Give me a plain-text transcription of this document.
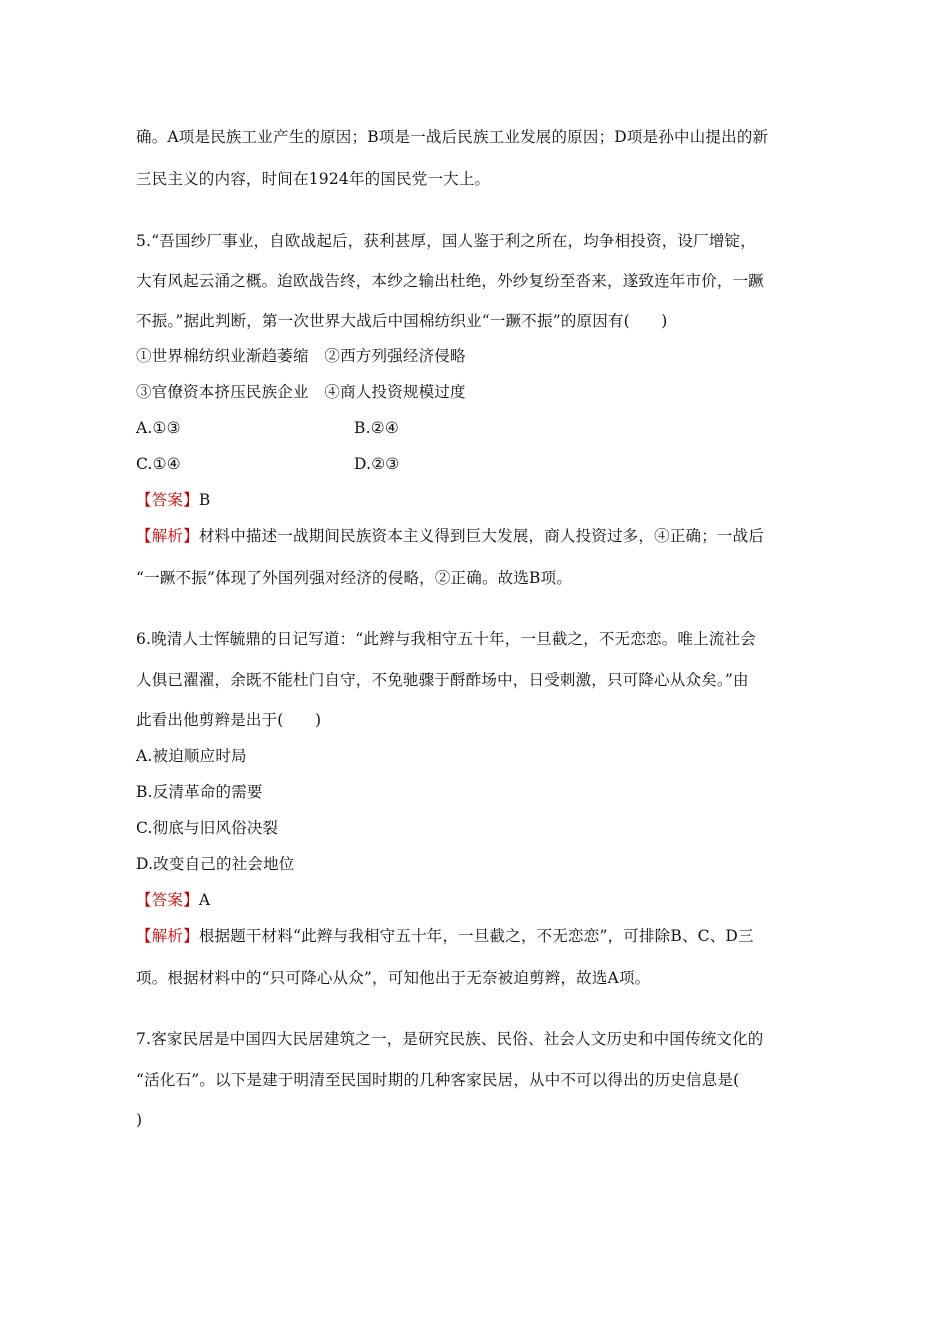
确。A项是民族工业产生的原因；B项是一战后民族工业发展的原因；D项是孙中山提出的新
三民主义的内容，时间在1924年的国民党一大上。
5.“吾国纱厂事业，自欧战起后，获利甚厚，国人鉴于利之所在，均争相投资，设厂增锭，
大有风起云涌之概。迨欧战告终，本纱之输出杜绝，外纱复纷至沓来，遂致连年市价，一蹶
不振。”据此判断，第一次世界大战后中国棉纺织业“一蹶不振”的原因有(　　)
①世界棉纺织业渐趋萎缩　②西方列强经济侵略
③官僚资本挤压民族企业　④商人投资规模过度
A.①③	B.②④
C.①④	D.②③
【答案】B
【解析】材料中描述一战期间民族资本主义得到巨大发展，商人投资过多，④正确；一战后
“一蹶不振”体现了外国列强对经济的侵略，②正确。故选B项。
6.晚清人士恽毓鼎的日记写道：“此辫与我相守五十年，一旦截之，不无恋恋。唯上流社会
人俱已濯濯，余既不能杜门自守，不免驰骤于酹酢场中，日受刺激，只可降心从众矣。”由
此看出他剪辫是出于(　　)
A.被迫顺应时局
B.反清革命的需要
C.彻底与旧风俗决裂
D.改变自己的社会地位
【答案】A
【解析】根据题干材料“此辫与我相守五十年，一旦截之，不无恋恋”，可排除B、C、D三
项。根据材料中的“只可降心从众”，可知他出于无奈被迫剪辫，故选A项。
7.客家民居是中国四大民居建筑之一，是研究民族、民俗、社会人文历史和中国传统文化的
“活化石”。以下是建于明清至民国时期的几种客家民居，从中不可以得出的历史信息是(
)
